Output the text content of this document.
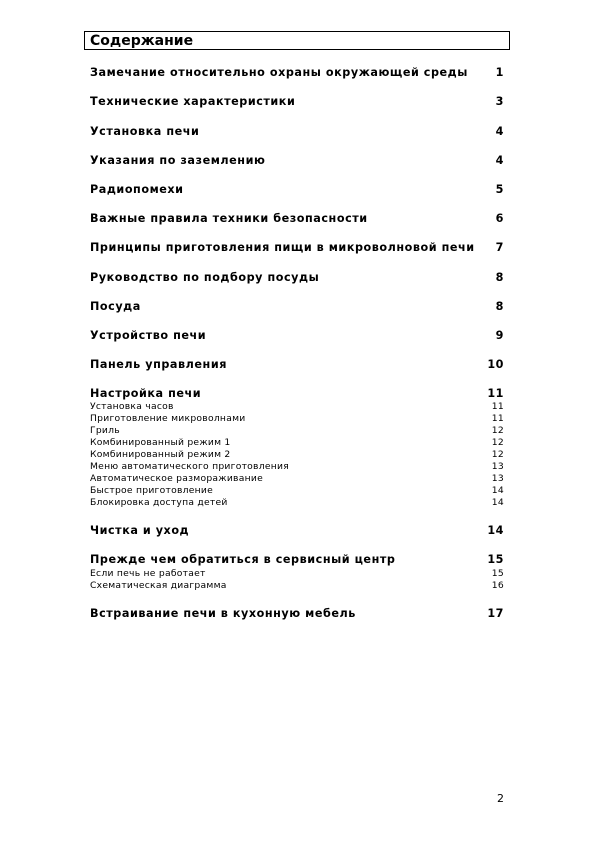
Содержание
Замечание относительно охраны окружающей среды 1
Технические характеристики	3
Установка печи	4
Указания по заземлению	4
Радиопомехи	5
Важные правила техники безопасности	6
Принципы приготовления пищи в микроволновой печи 7
Руководство по подбору посуды	8
Посуда	8
Устройство печи	9
Панель управления	10
Настройка печи	11
Установка часов	11
Приготовление микроволнами	11
Гриль	12
Комбинированный режим 1	12
Комбинированный режим 2	12
Меню автоматического приготовления	13
Автоматическое размораживание	13
Быстрое приготовление	14
Блокировка доступа детей	14
Чистка и уход	14
Прежде чем обратиться в сервисный центр	15
Если печь не работает	15
Схематическая диаграмма	16
Встраивание печи в кухонную мебель	17
2
